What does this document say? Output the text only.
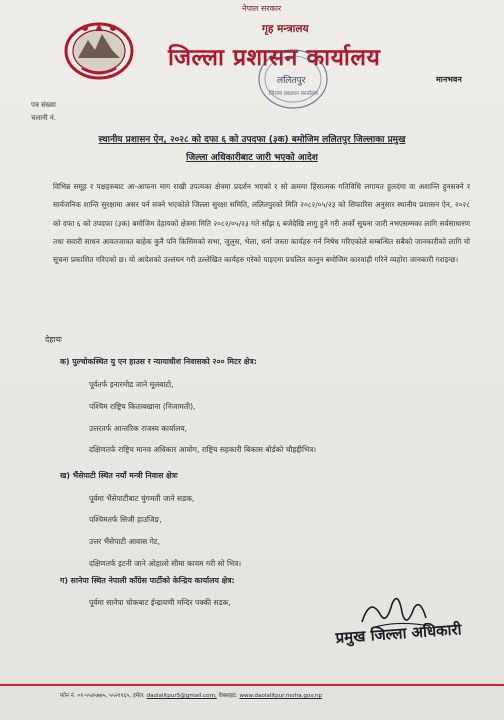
नेपाल सरकार
गृह मन्त्रालय
जिल्ला प्रशासन कार्यालय
मानभवन
ललितपुर
जिल्ला प्रशासन कार्यालय
पत्र संख्या
चलानी नं.
स्थानीय प्रशासन ऐन, २०२८ को दफा ६ को उपदफा (३क) बमोजिम ललितपुर जिल्लाका प्रमुख
जिल्ला अधिकारीबाट जारी भएको आदेश
विभिन्न समूह र पक्षहरुबाट आ-आफना माग राखी उपत्यका क्षेत्रमा प्रदर्शन भएको र सो क्रममा हिंसात्मक गतिविधि लगायत हुलदंगा वा अशान्ति हुनसक्ने र सार्वजनिक शान्ति सुरक्षामा असर पर्न सक्ने भएकोले जिल्ला सुरक्षा समिति, ललितपुरको मिति २०८२/०५/२३ को सिफारिस अनुसार स्थानीय प्रशासन ऐन, २०२८ को दफा ६ को उपदफा (३क) बमोजिम देहायको क्षेत्रमा मिति २०८२/०५/२३ गते साँझ ६ बजेदेखि लागु हुने गरी अर्को सूचना जारी नभएसम्मका लागि सर्वसाधारण तथा सवारी साधन आवतजावत बाहेक कुनै पनि किसिमको सभा, जुलुस, भेला, धर्ना जस्ता कार्यहरु गर्न निषेध गरिएकोले सम्बन्धित सबैको जानकारीको लागि यो सूचना प्रकाशित गरिएको छ। यो आदेशको उल्लंघन गरी उल्लेखित कार्यहरु गरेको पाइएमा प्रचलित कानुन बमोजिम कारवाही गरिने व्यहोरा जानकारी गराइन्छ।
देहायः
क) पुल्चोकस्थित यु एन हाउस र न्यायाधीश निवासको २०० मिटर क्षेत्र:
पूर्वतर्फ इनारमोड जाने मूलबाटो,
पश्चिम राष्ट्रिय किताबखाना (निजामती),
उत्तरतर्फ आन्तरिक राजस्व कार्यालय,
दक्षिणतर्फ राष्ट्रिय मानव अधिकार आयोग, राष्ट्रिय सहकारी बिकास बोर्डको चौहद्दीभित्र।
ख) भैंसेपाटी स्थित नयाँ मन्त्री निवास क्षेत्रः
पूर्वमा भैंसेपाटीबाट चुंगमती जाने सडक,
पश्चिमतर्फ सिजी हाउजिङ,
उत्तर भैंसेपाटी आवास गेट,
दक्षिणतर्फ इटनी जाने ओहालो सीमा कायम गरी सो भित्र।
ग) सानेपा स्थित नेपाली काँग्रेस पार्टीको केन्द्रिय कार्यालय क्षेत्र:
पूर्वमा सानेपा चोकबाट ईन्द्रायणी मन्दिर पक्की सडक,
प्रमुख जिल्ला अधिकारी
फोन नं. ०१-५५४५७७५, ५५२११६५, इमेल: daolalitpur5@gmail.com, वेबसाइट: www.daolalitpur.moha.gov.np
